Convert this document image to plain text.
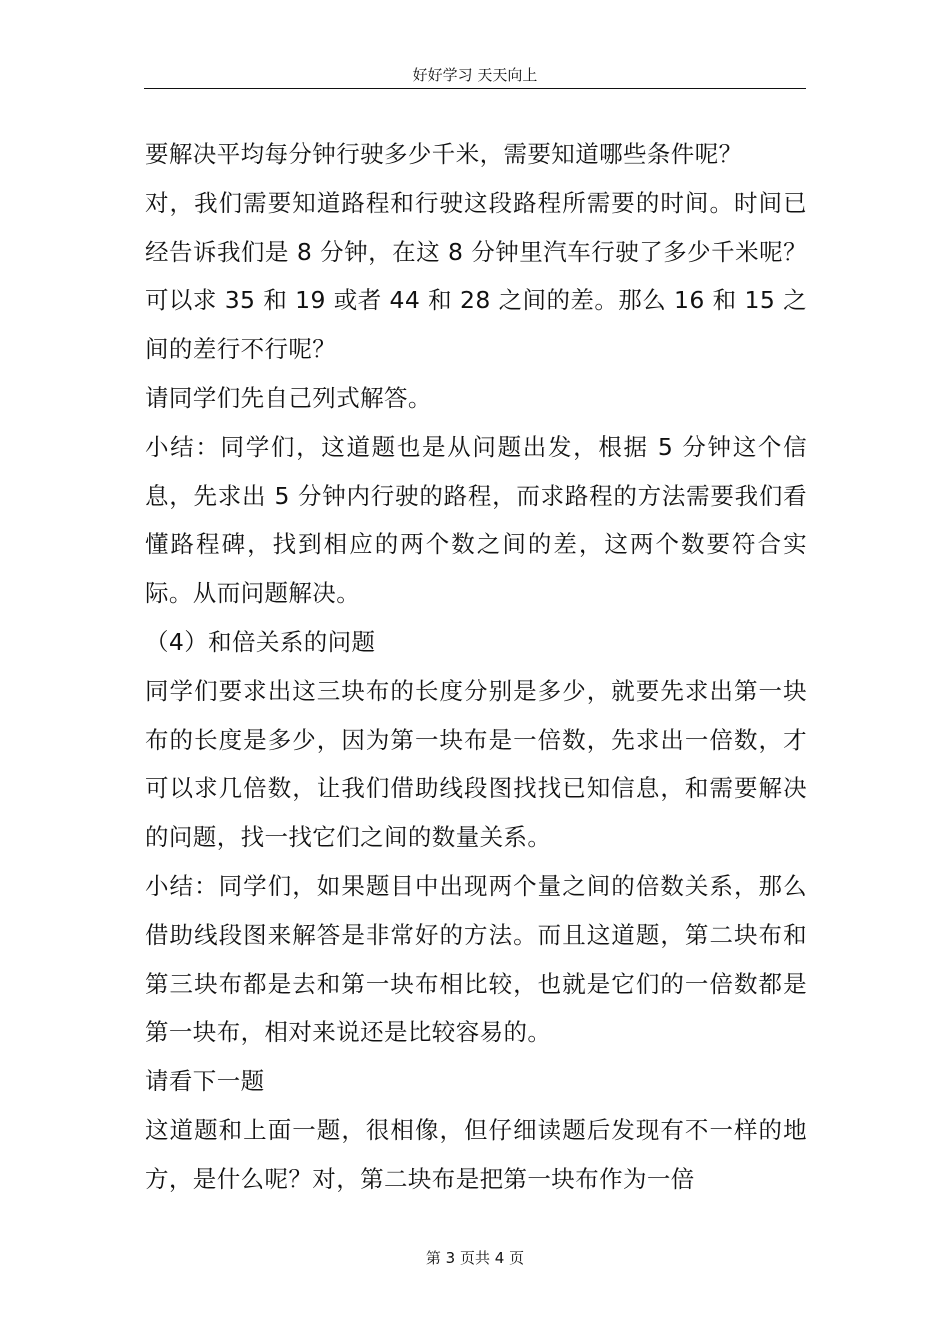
好好学习 天天向上

要解决平均每分钟行驶多少千米，需要知道哪些条件呢？

对，我们需要知道路程和行驶这段路程所需要的时间。时间已经告诉我们是 8 分钟，在这 8 分钟里汽车行驶了多少千米呢？可以求 35 和 19 或者 44 和 28 之间的差。那么 16 和 15 之间的差行不行呢？

请同学们先自己列式解答。

小结：同学们，这道题也是从问题出发，根据 5 分钟这个信息，先求出 5 分钟内行驶的路程，而求路程的方法需要我们看懂路程碑，找到相应的两个数之间的差，这两个数要符合实际。从而问题解决。

（4）和倍关系的问题

同学们要求出这三块布的长度分别是多少，就要先求出第一块布的长度是多少，因为第一块布是一倍数，先求出一倍数，才可以求几倍数，让我们借助线段图找找已知信息，和需要解决的问题，找一找它们之间的数量关系。

小结：同学们，如果题目中出现两个量之间的倍数关系，那么借助线段图来解答是非常好的方法。而且这道题，第二块布和第三块布都是去和第一块布相比较，也就是它们的一倍数都是第一块布，相对来说还是比较容易的。

请看下一题

这道题和上面一题，很相像，但仔细读题后发现有不一样的地方，是什么呢？对，第二块布是把第一块布作为一倍

第 3 页共 4 页
